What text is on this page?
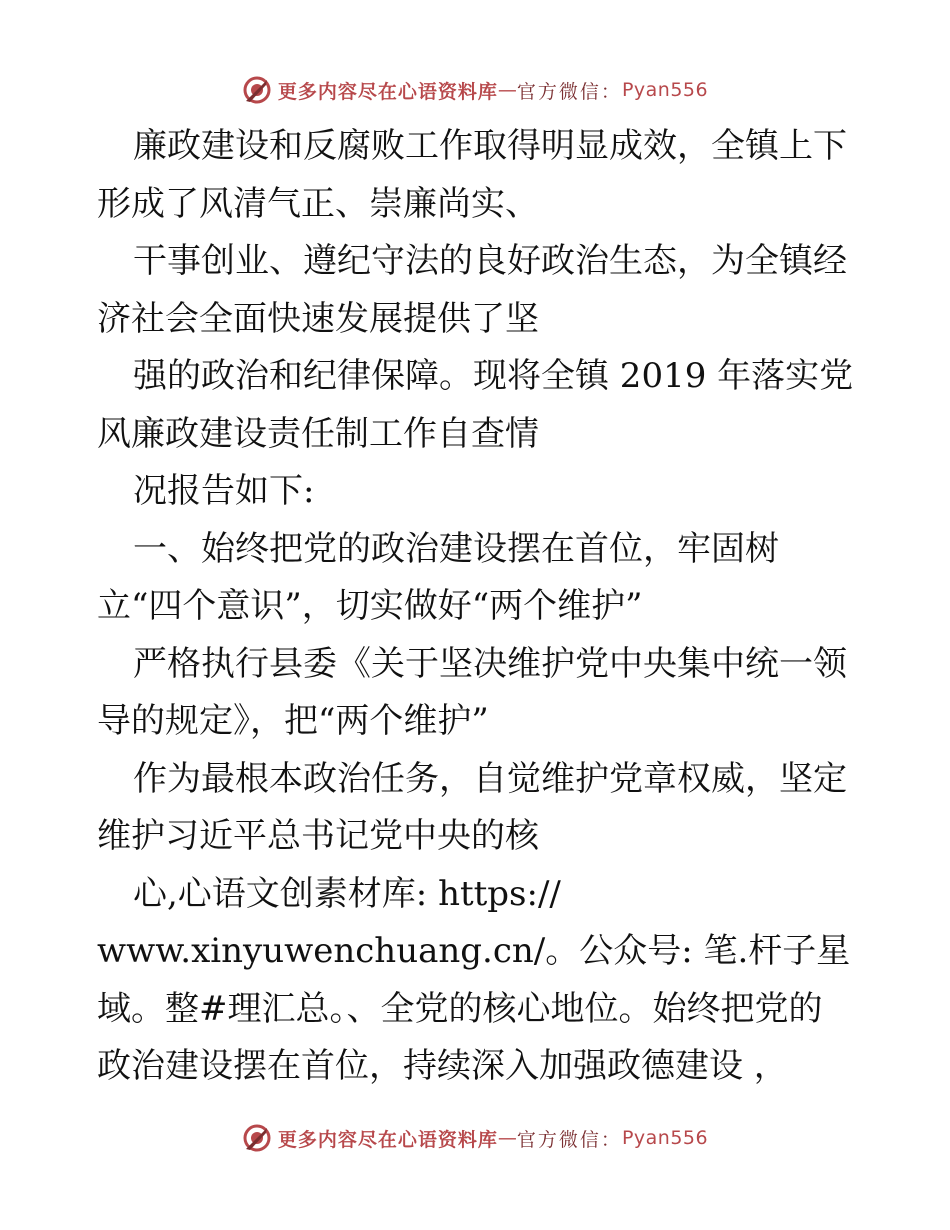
更多内容尽在心语资料库 — 官方微信： Pyan556
廉政建设和反腐败工作取得明显成效，全镇上下
形成了风清气正、崇廉尚实、
干事创业、遵纪守法的良好政治生态，为全镇经
济社会全面快速发展提供了坚
强的政治和纪律保障。现将全镇 2019 年落实党
风廉政建设责任制工作自查情
况报告如下:
一、始终把党的政治建设摆在首位，牢固树
立“四个意识”，切实做好“两个维护”
严格执行县委《关于坚决维护党中央集中统一领
导的规定》，把“两个维护”
作为最根本政治任务，自觉维护党章权威，坚定
维护习近平总书记党中央的核
心,心语文创素材库: https://
www.xinyuwenchuang.cn/。公众号: 笔.杆子星
域。整#理汇总。、全党的核心地位。始终把党的
政治建设摆在首位，持续深入加强政德建设 ，
更多内容尽在心语资料库 — 官方微信： Pyan556
